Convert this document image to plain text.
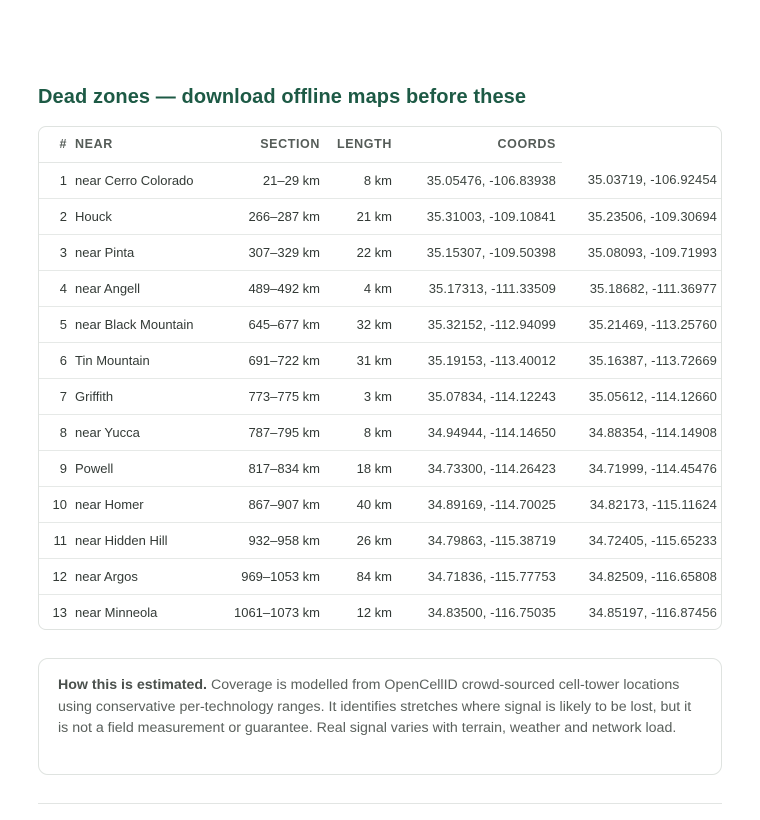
Dead zones — download offline maps before these
#	NEAR	SECTION	LENGTH	COORDS	
1	near Cerro Colorado	21–29 km	8 km	35.05476, -106.83938	35.03719, -106.92454
2	Houck	266–287 km	21 km	35.31003, -109.10841	35.23506, -109.30694
3	near Pinta	307–329 km	22 km	35.15307, -109.50398	35.08093, -109.71993
4	near Angell	489–492 km	4 km	35.17313, -111.33509	35.18682, -111.36977
5	near Black Mountain	645–677 km	32 km	35.32152, -112.94099	35.21469, -113.25760
6	Tin Mountain	691–722 km	31 km	35.19153, -113.40012	35.16387, -113.72669
7	Griffith	773–775 km	3 km	35.07834, -114.12243	35.05612, -114.12660
8	near Yucca	787–795 km	8 km	34.94944, -114.14650	34.88354, -114.14908
9	Powell	817–834 km	18 km	34.73300, -114.26423	34.71999, -114.45476
10	near Homer	867–907 km	40 km	34.89169, -114.70025	34.82173, -115.11624
11	near Hidden Hill	932–958 km	26 km	34.79863, -115.38719	34.72405, -115.65233
12	near Argos	969–1053 km	84 km	34.71836, -115.77753	34.82509, -116.65808
13	near Minneola	1061–1073 km	12 km	34.83500, -116.75035	34.85197, -116.87456
How this is estimated. Coverage is modelled from OpenCellID crowd-sourced cell-tower locations using conservative per-technology ranges. It identifies stretches where signal is likely to be lost, but it is not a field measurement or guarantee. Real signal varies with terrain, weather and network load.
